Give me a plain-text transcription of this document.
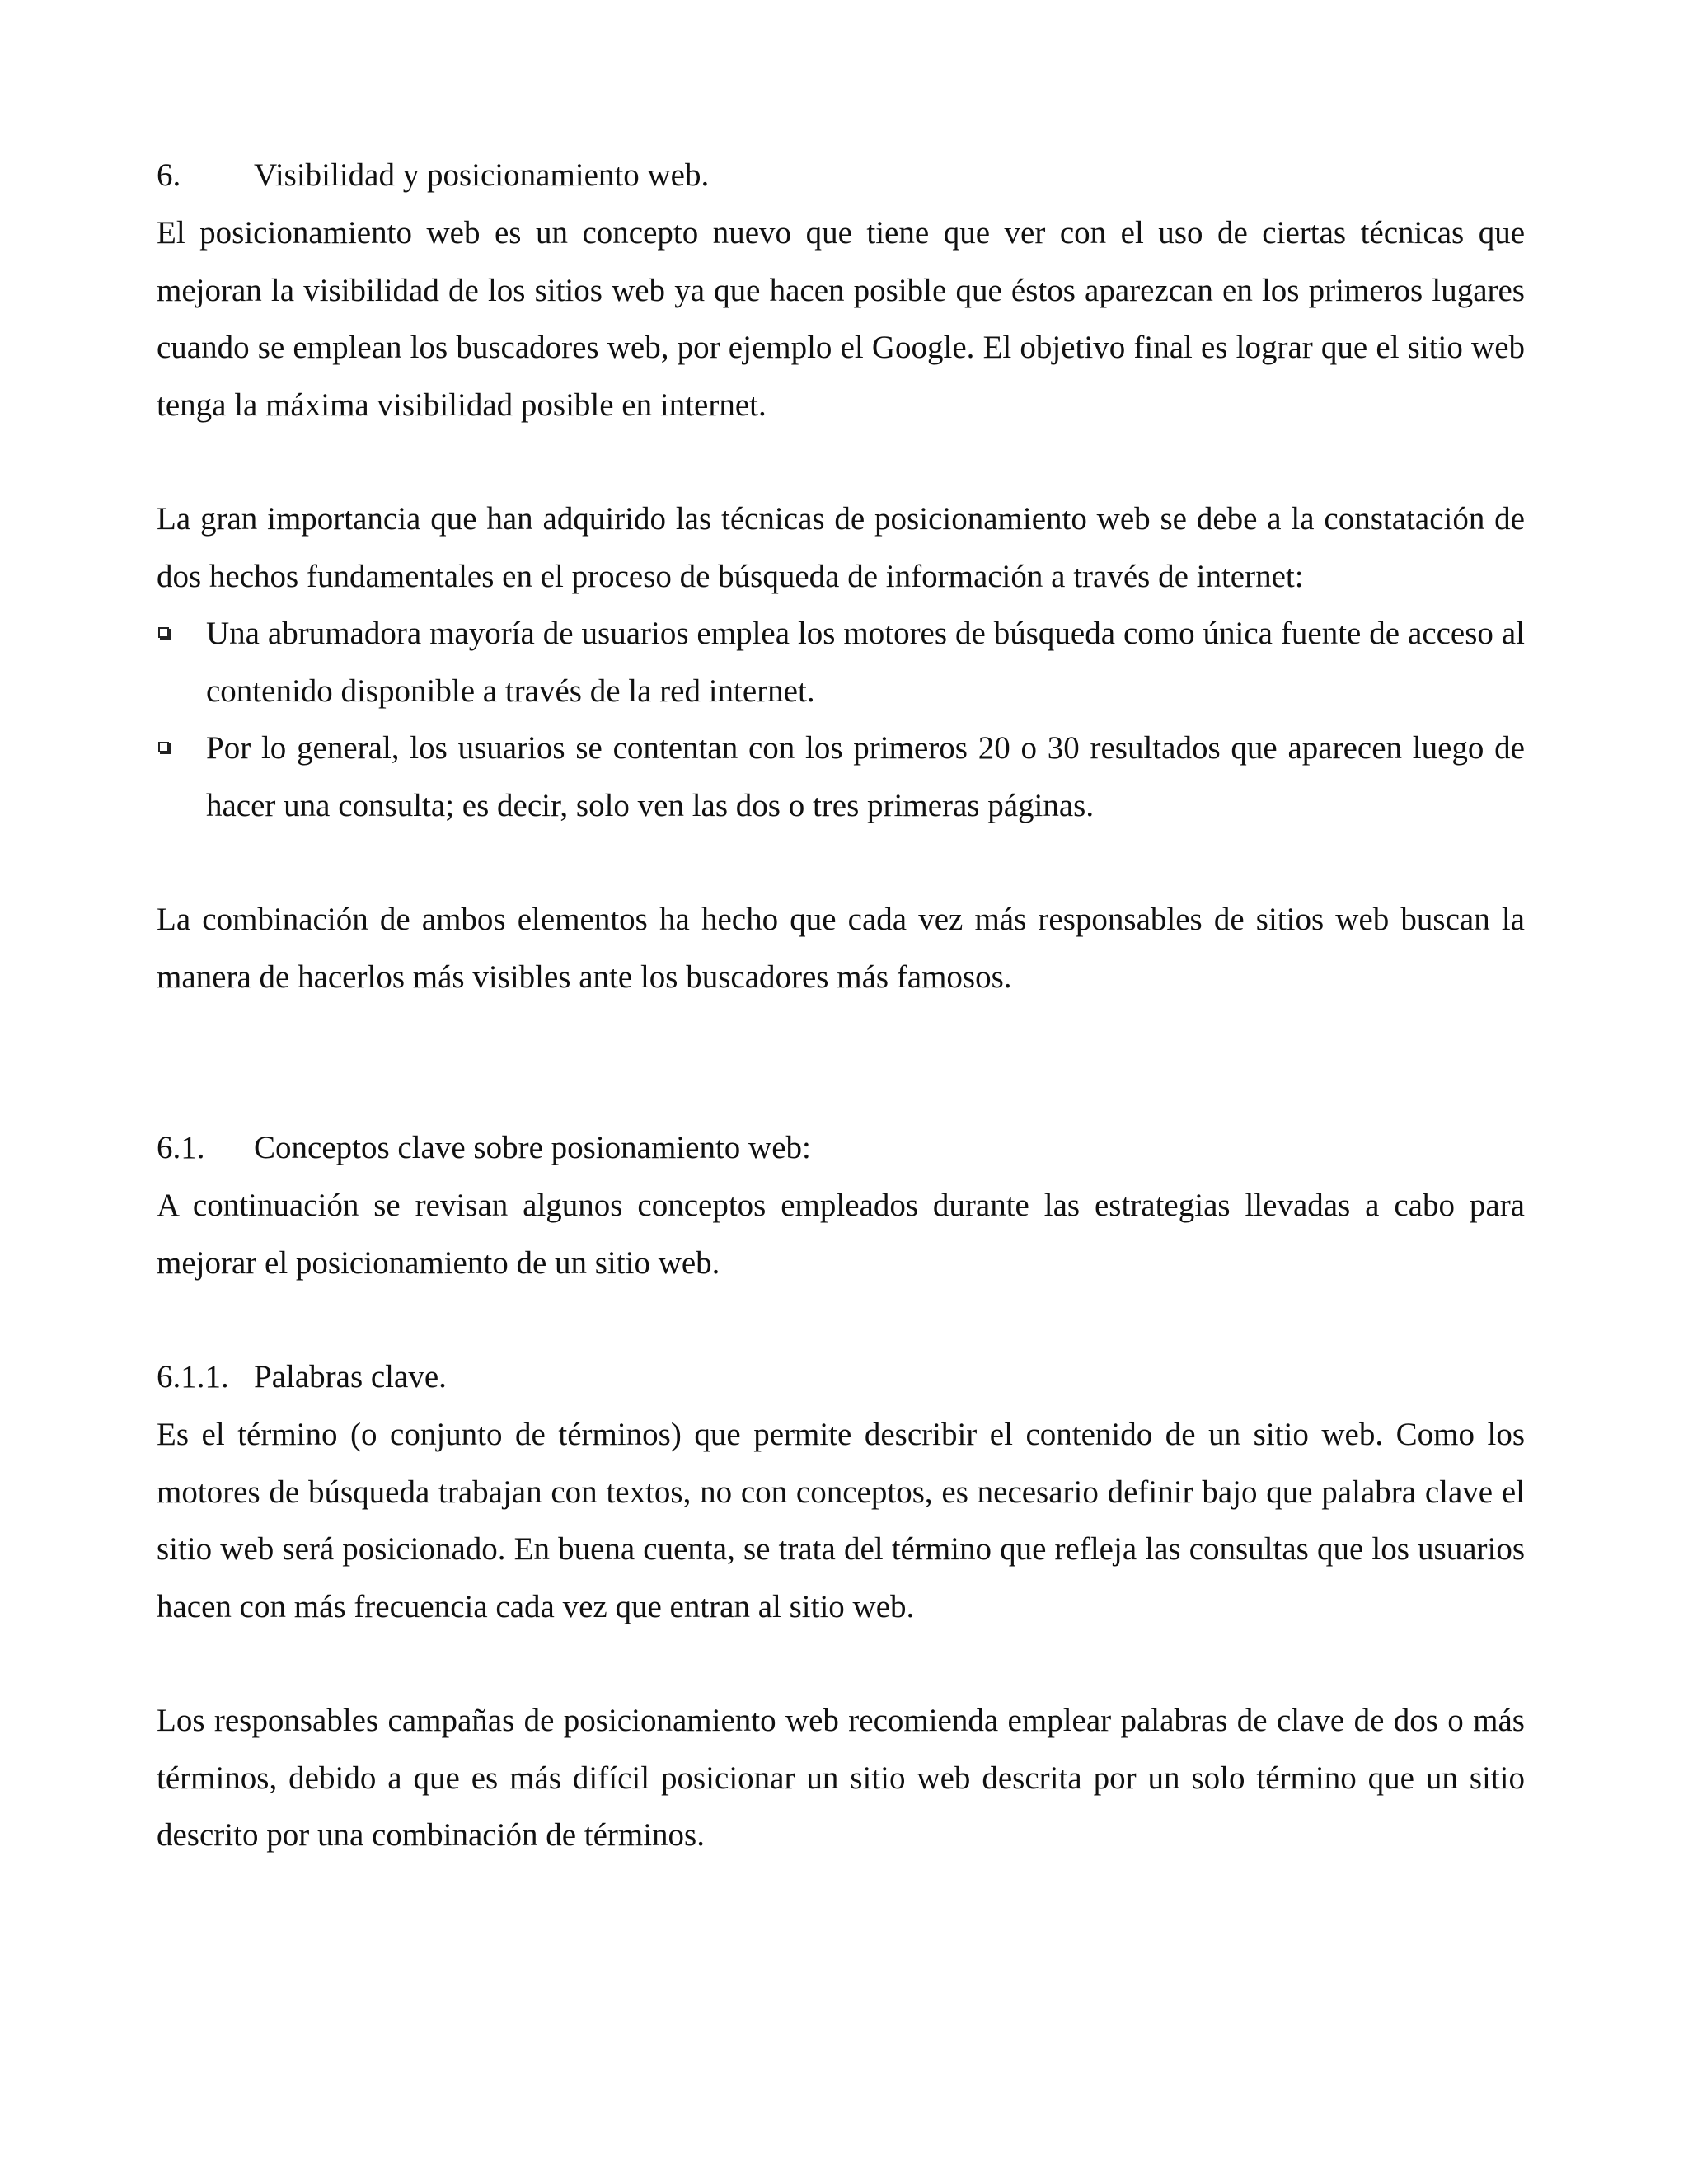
6.	Visibilidad y posicionamiento web.

El posicionamiento web es un concepto nuevo que tiene que ver con el uso de ciertas técnicas que mejoran la visibilidad de los sitios web ya que hacen posible que éstos aparezcan en los primeros lugares cuando se emplean los buscadores web, por ejemplo el Google. El objetivo final es lograr que el sitio web tenga la máxima visibilidad posible en internet.

La gran importancia que han adquirido las técnicas de posicionamiento web se debe a la constatación de dos hechos fundamentales en el proceso de búsqueda de información a través de internet:

Una abrumadora mayoría de usuarios emplea los motores de búsqueda como única fuente de acceso al contenido disponible a través de la red internet.
Por lo general, los usuarios se contentan con los primeros 20 o 30 resultados que aparecen luego de hacer una consulta; es decir, solo ven las dos o tres primeras páginas.

La combinación de ambos elementos ha hecho que cada vez más responsables de sitios web buscan la manera de hacerlos más visibles ante los buscadores más famosos.

6.1.	Conceptos clave sobre posionamiento web:

A continuación se revisan algunos conceptos empleados durante las estrategias llevadas a cabo para mejorar el posicionamiento de un sitio web.

6.1.1. Palabras clave.

Es el término (o conjunto de términos) que permite describir el contenido de un sitio web. Como los motores de búsqueda trabajan con textos, no con conceptos, es necesario definir bajo que palabra clave el sitio web será posicionado. En buena cuenta, se trata del término que refleja las consultas que los usuarios hacen con más frecuencia cada vez que entran al sitio web.

Los responsables campañas de posicionamiento web recomienda emplear palabras de clave de dos o más términos, debido a que es más difícil posicionar un sitio web descrita por un solo término que un sitio descrito por una combinación de términos.
